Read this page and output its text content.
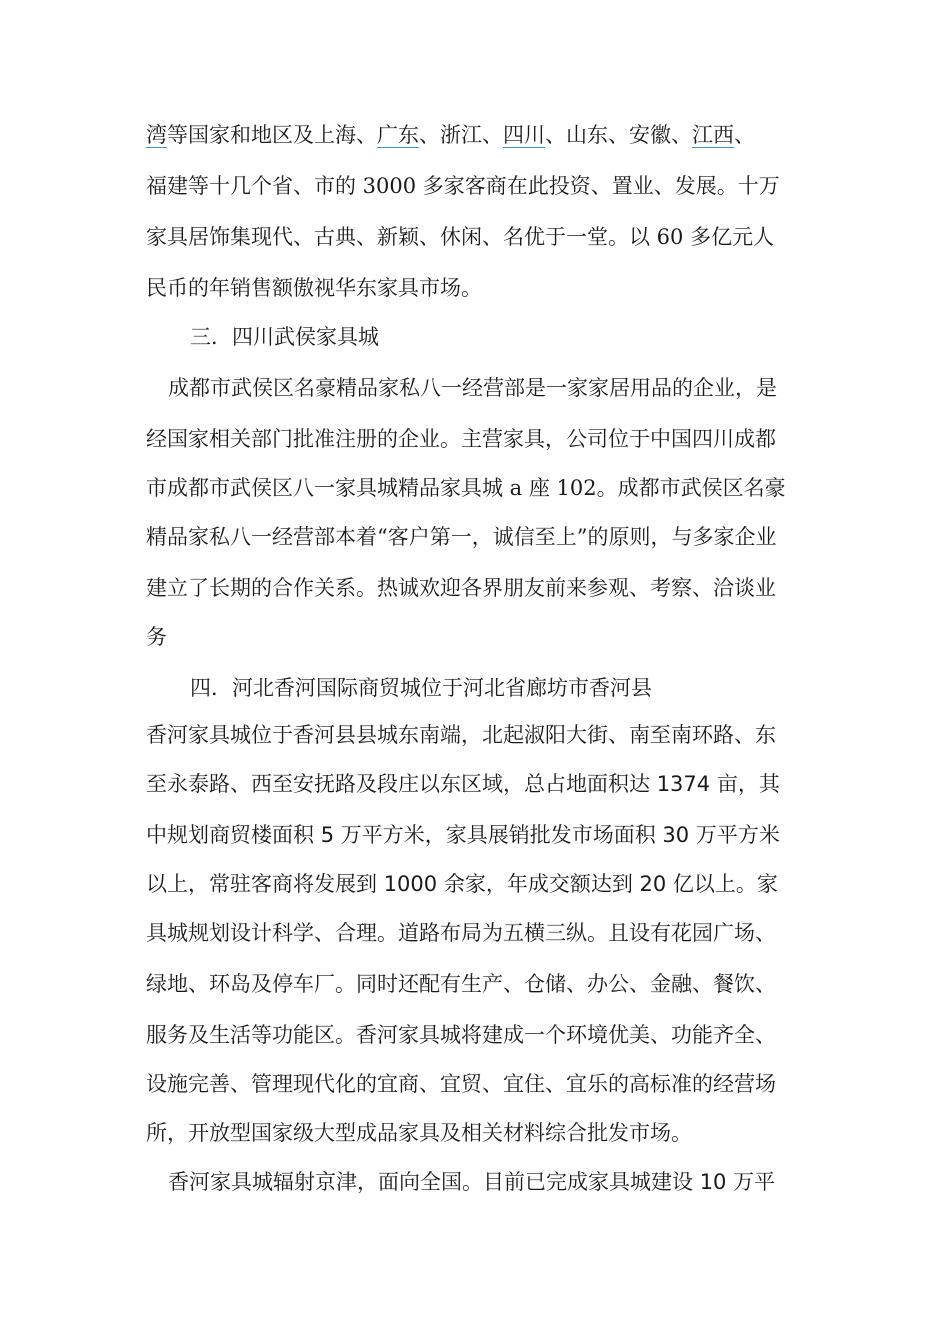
湾等国家和地区及上海、广东、浙江、四川、山东、安徽、江西、
福建等十几个省、市的 3000 多家客商在此投资、置业、发展。十万
家具居饰集现代、古典、新颖、休闲、名优于一堂。以 60 多亿元人
民币的年销售额傲视华东家具市场。
三．四川武侯家具城
成都市武侯区名豪精品家私八一经营部是一家家居用品的企业，是
经国家相关部门批准注册的企业。主营家具，公司位于中国四川成都
市成都市武侯区八一家具城精品家具城 a 座 102。成都市武侯区名豪
精品家私八一经营部本着“客户第一，诚信至上”的原则，与多家企业
建立了长期的合作关系。热诚欢迎各界朋友前来参观、考察、洽谈业
务
四．河北香河国际商贸城位于河北省廊坊市香河县
香河家具城位于香河县县城东南端，北起淑阳大街、南至南环路、东
至永泰路、西至安抚路及段庄以东区域，总占地面积达 1374 亩，其
中规划商贸楼面积 5 万平方米，家具展销批发市场面积 30 万平方米
以上，常驻客商将发展到 1000 余家，年成交额达到 20 亿以上。家
具城规划设计科学、合理。道路布局为五横三纵。且设有花园广场、
绿地、环岛及停车厂。同时还配有生产、仓储、办公、金融、餐饮、
服务及生活等功能区。香河家具城将建成一个环境优美、功能齐全、
设施完善、管理现代化的宜商、宜贸、宜住、宜乐的高标准的经营场
所，开放型国家级大型成品家具及相关材料综合批发市场。
香河家具城辐射京津，面向全国。目前已完成家具城建设 10 万平
